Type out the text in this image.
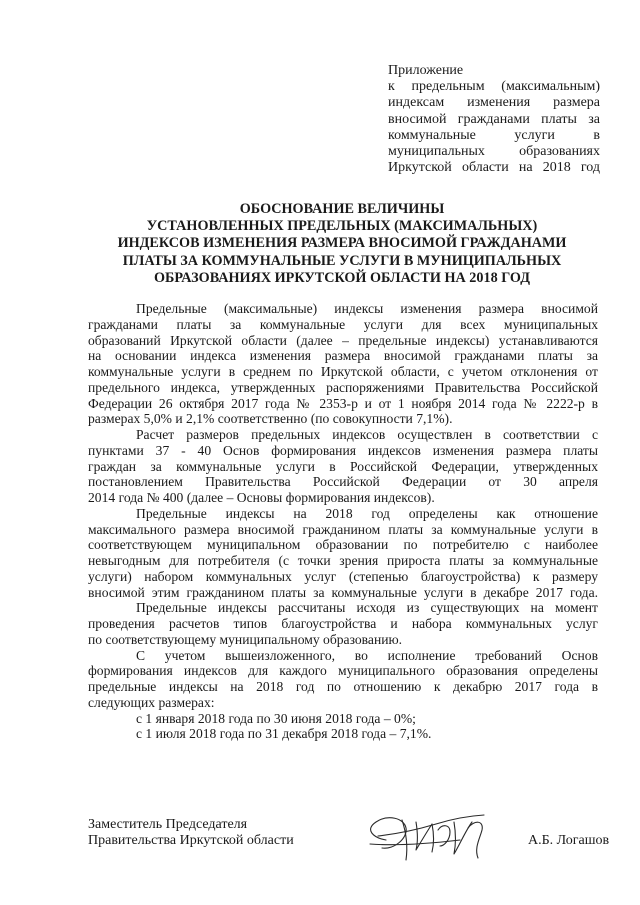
Приложение
к предельным (максимальным)
индексам изменения размера
вносимой гражданами платы за
коммунальные услуги в
муниципальных образованиях
Иркутской области на 2018 год
ОБОСНОВАНИЕ ВЕЛИЧИНЫ
УСТАНОВЛЕННЫХ ПРЕДЕЛЬНЫХ (МАКСИМАЛЬНЫХ)
ИНДЕКСОВ ИЗМЕНЕНИЯ РАЗМЕРА ВНОСИМОЙ ГРАЖДАНАМИ
ПЛАТЫ ЗА КОММУНАЛЬНЫЕ УСЛУГИ В МУНИЦИПАЛЬНЫХ
ОБРАЗОВАНИЯХ ИРКУТСКОЙ ОБЛАСТИ НА 2018 ГОД
Предельные (максимальные) индексы изменения размера вносимой
гражданами платы за коммунальные услуги для всех муниципальных
образований Иркутской области (далее – предельные индексы) устанавливаются
на основании индекса изменения размера вносимой гражданами платы за
коммунальные услуги в среднем по Иркутской области, с учетом отклонения от
предельного индекса, утвержденных распоряжениями Правительства Российской
Федерации 26 октября 2017 года № 2353-р и от 1 ноября 2014 года № 2222-р в
размерах 5,0% и 2,1% соответственно (по совокупности 7,1%).
Расчет размеров предельных индексов осуществлен в соответствии с
пунктами 37 - 40 Основ формирования индексов изменения размера платы
граждан за коммунальные услуги в Российской Федерации, утвержденных
постановлением Правительства Российской Федерации от 30 апреля
2014 года № 400 (далее – Основы формирования индексов).
Предельные индексы на 2018 год определены как отношение
максимального размера вносимой гражданином платы за коммунальные услуги в
соответствующем муниципальном образовании по потребителю с наиболее
невыгодным для потребителя (с точки зрения прироста платы за коммунальные
услуги) набором коммунальных услуг (степенью благоустройства) к размеру
вносимой этим гражданином платы за коммунальные услуги в декабре 2017 года.
Предельные индексы рассчитаны исходя из существующих на момент
проведения расчетов типов благоустройства и набора коммунальных услуг
по соответствующему муниципальному образованию.
С учетом вышеизложенного, во исполнение требований Основ
формирования индексов для каждого муниципального образования определены
предельные индексы на 2018 год по отношению к декабрю 2017 года в
следующих размерах:
с 1 января 2018 года по 30 июня 2018 года – 0%;
с 1 июля 2018 года по 31 декабря 2018 года – 7,1%.
Заместитель Председателя
Правительства Иркутской области	А.Б. Логашов
